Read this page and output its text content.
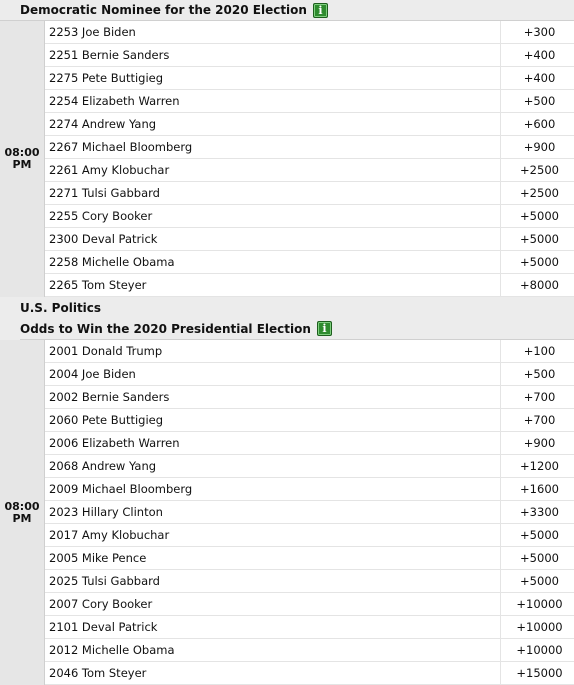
Democratic Nominee for the 2020 Election	i
08:00
PM
2253 Joe Biden	+300
2251 Bernie Sanders	+400
2275 Pete Buttigieg	+400
2254 Elizabeth Warren	+500
2274 Andrew Yang	+600
2267 Michael Bloomberg	+900
2261 Amy Klobuchar	+2500
2271 Tulsi Gabbard	+2500
2255 Cory Booker	+5000
2300 Deval Patrick	+5000
2258 Michelle Obama	+5000
2265 Tom Steyer	+8000
U.S. Politics
Odds to Win the 2020 Presidential Election	i
08:00
PM
2001 Donald Trump	+100
2004 Joe Biden	+500
2002 Bernie Sanders	+700
2060 Pete Buttigieg	+700
2006 Elizabeth Warren	+900
2068 Andrew Yang	+1200
2009 Michael Bloomberg	+1600
2023 Hillary Clinton	+3300
2017 Amy Klobuchar	+5000
2005 Mike Pence	+5000
2025 Tulsi Gabbard	+5000
2007 Cory Booker	+10000
2101 Deval Patrick	+10000
2012 Michelle Obama	+10000
2046 Tom Steyer	+15000
